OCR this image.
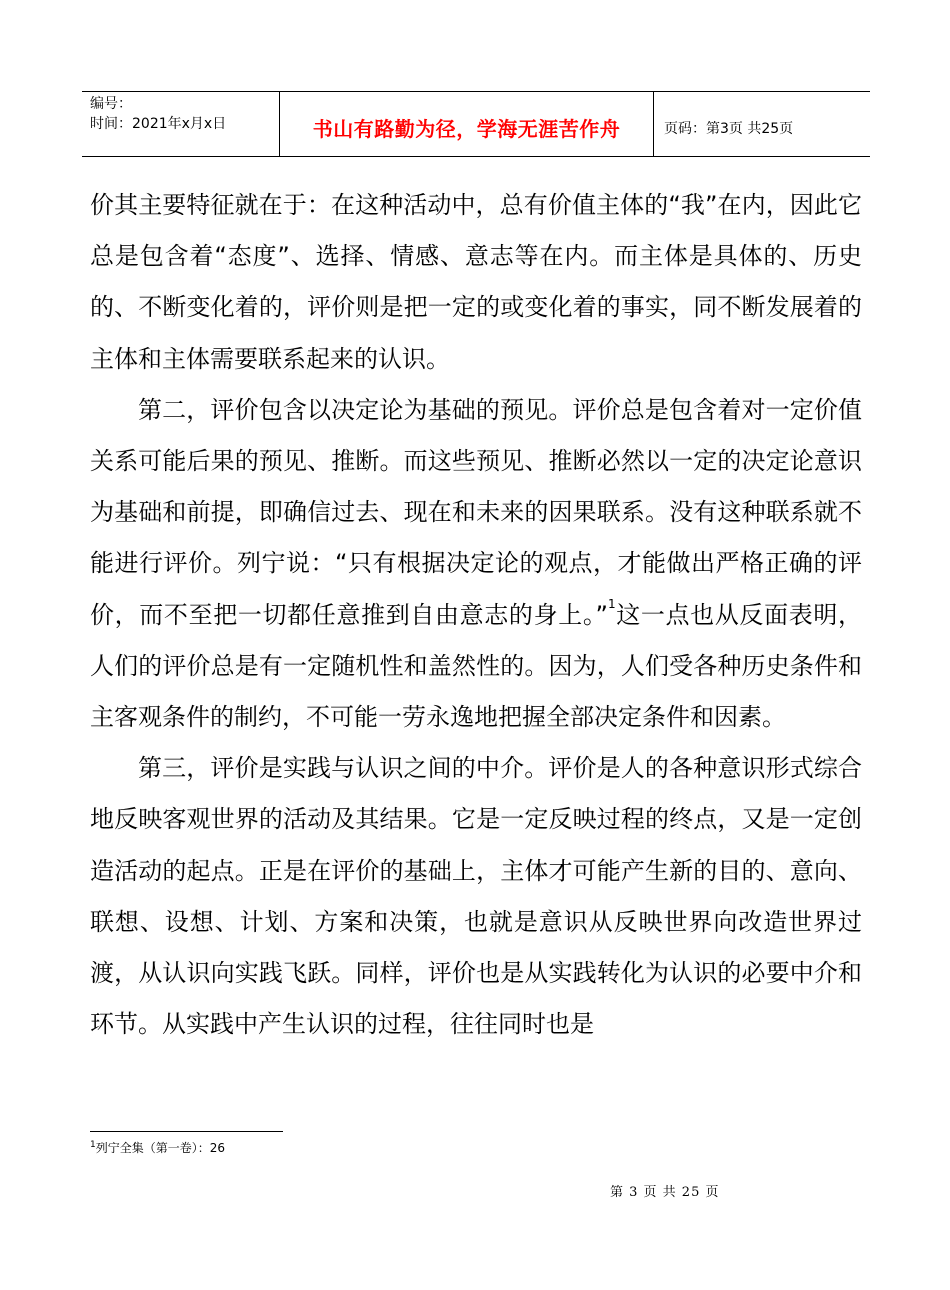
编号：
时间：2021年x月x日	书山有路勤为径，学海无涯苦作舟	页码：第3页 共25页

价其主要特征就在于：在这种活动中，总有价值主体的“我”在内，因此它总是包含着“态度”、选择、情感、意志等在内。而主体是具体的、历史的、不断变化着的，评价则是把一定的或变化着的事实，同不断发展着的主体和主体需要联系起来的认识。

第二，评价包含以决定论为基础的预见。评价总是包含着对一定价值关系可能后果的预见、推断。而这些预见、推断必然以一定的决定论意识为基础和前提，即确信过去、现在和未来的因果联系。没有这种联系就不能进行评价。列宁说：“只有根据决定论的观点，才能做出严格正确的评价，而不至把一切都任意推到自由意志的身上。”$^1$这一点也从反面表明，人们的评价总是有一定随机性和盖然性的。因为，人们受各种历史条件和主客观条件的制约，不可能一劳永逸地把握全部决定条件和因素。

第三，评价是实践与认识之间的中介。评价是人的各种意识形式综合地反映客观世界的活动及其结果。它是一定反映过程的终点，又是一定创造活动的起点。正是在评价的基础上，主体才可能产生新的目的、意向、联想、设想、计划、方案和决策，也就是意识从反映世界向改造世界过渡，从认识向实践飞跃。同样，评价也是从实践转化为认识的必要中介和环节。从实践中产生认识的过程，往往同时也是

$^1$列宁全集（第一卷）：26
第 3 页 共 25 页
